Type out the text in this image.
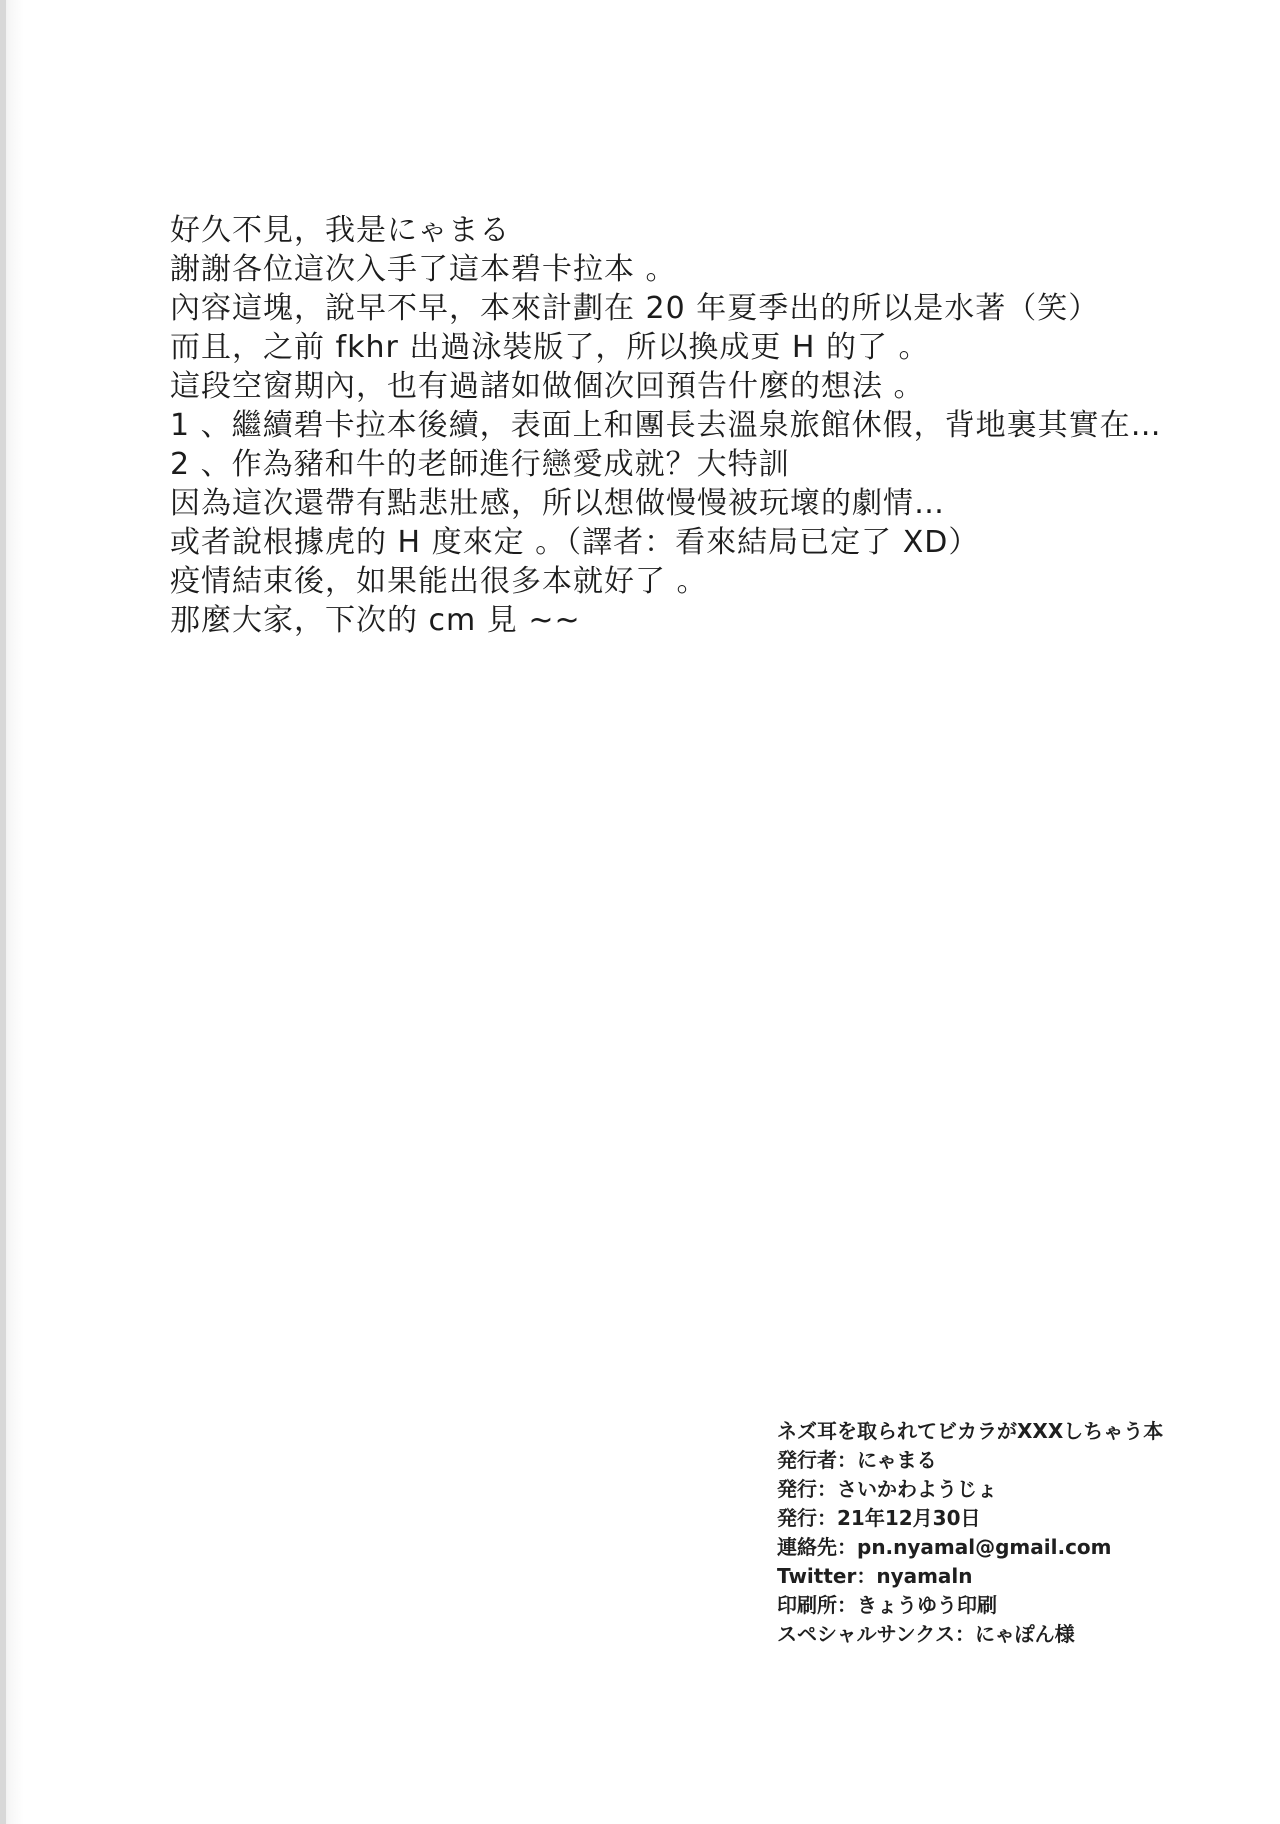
好久不見，我是にゃまる
謝謝各位這次入手了這本碧卡拉本 。
內容這塊，說早不早，本來計劃在 20 年夏季出的所以是水著（笑）
而且，之前 fkhr 出過泳裝版了，所以換成更 H 的了 。
這段空窗期內，也有過諸如做個次回預告什麼的想法 。
1 、繼續碧卡拉本後續，表面上和團長去溫泉旅館休假，背地裏其實在…
2 、作為豬和牛的老師進行戀愛成就？大特訓
因為這次還帶有點悲壯感，所以想做慢慢被玩壞的劇情…
或者說根據虎的 H 度來定 。（譯者：看來結局已定了 XD）
疫情結束後，如果能出很多本就好了 。
那麼大家，下次的 cm 見 ~~
ネズ耳を取られてビカラがXXXしちゃう本
発行者：にゃまる
発行：さいかわようじょ
発行：21年12月30日
連絡先：pn.nyamal@gmail.com
Twitter：nyamaln
印刷所：きょうゆう印刷
スペシャルサンクス：にゃぽん様
